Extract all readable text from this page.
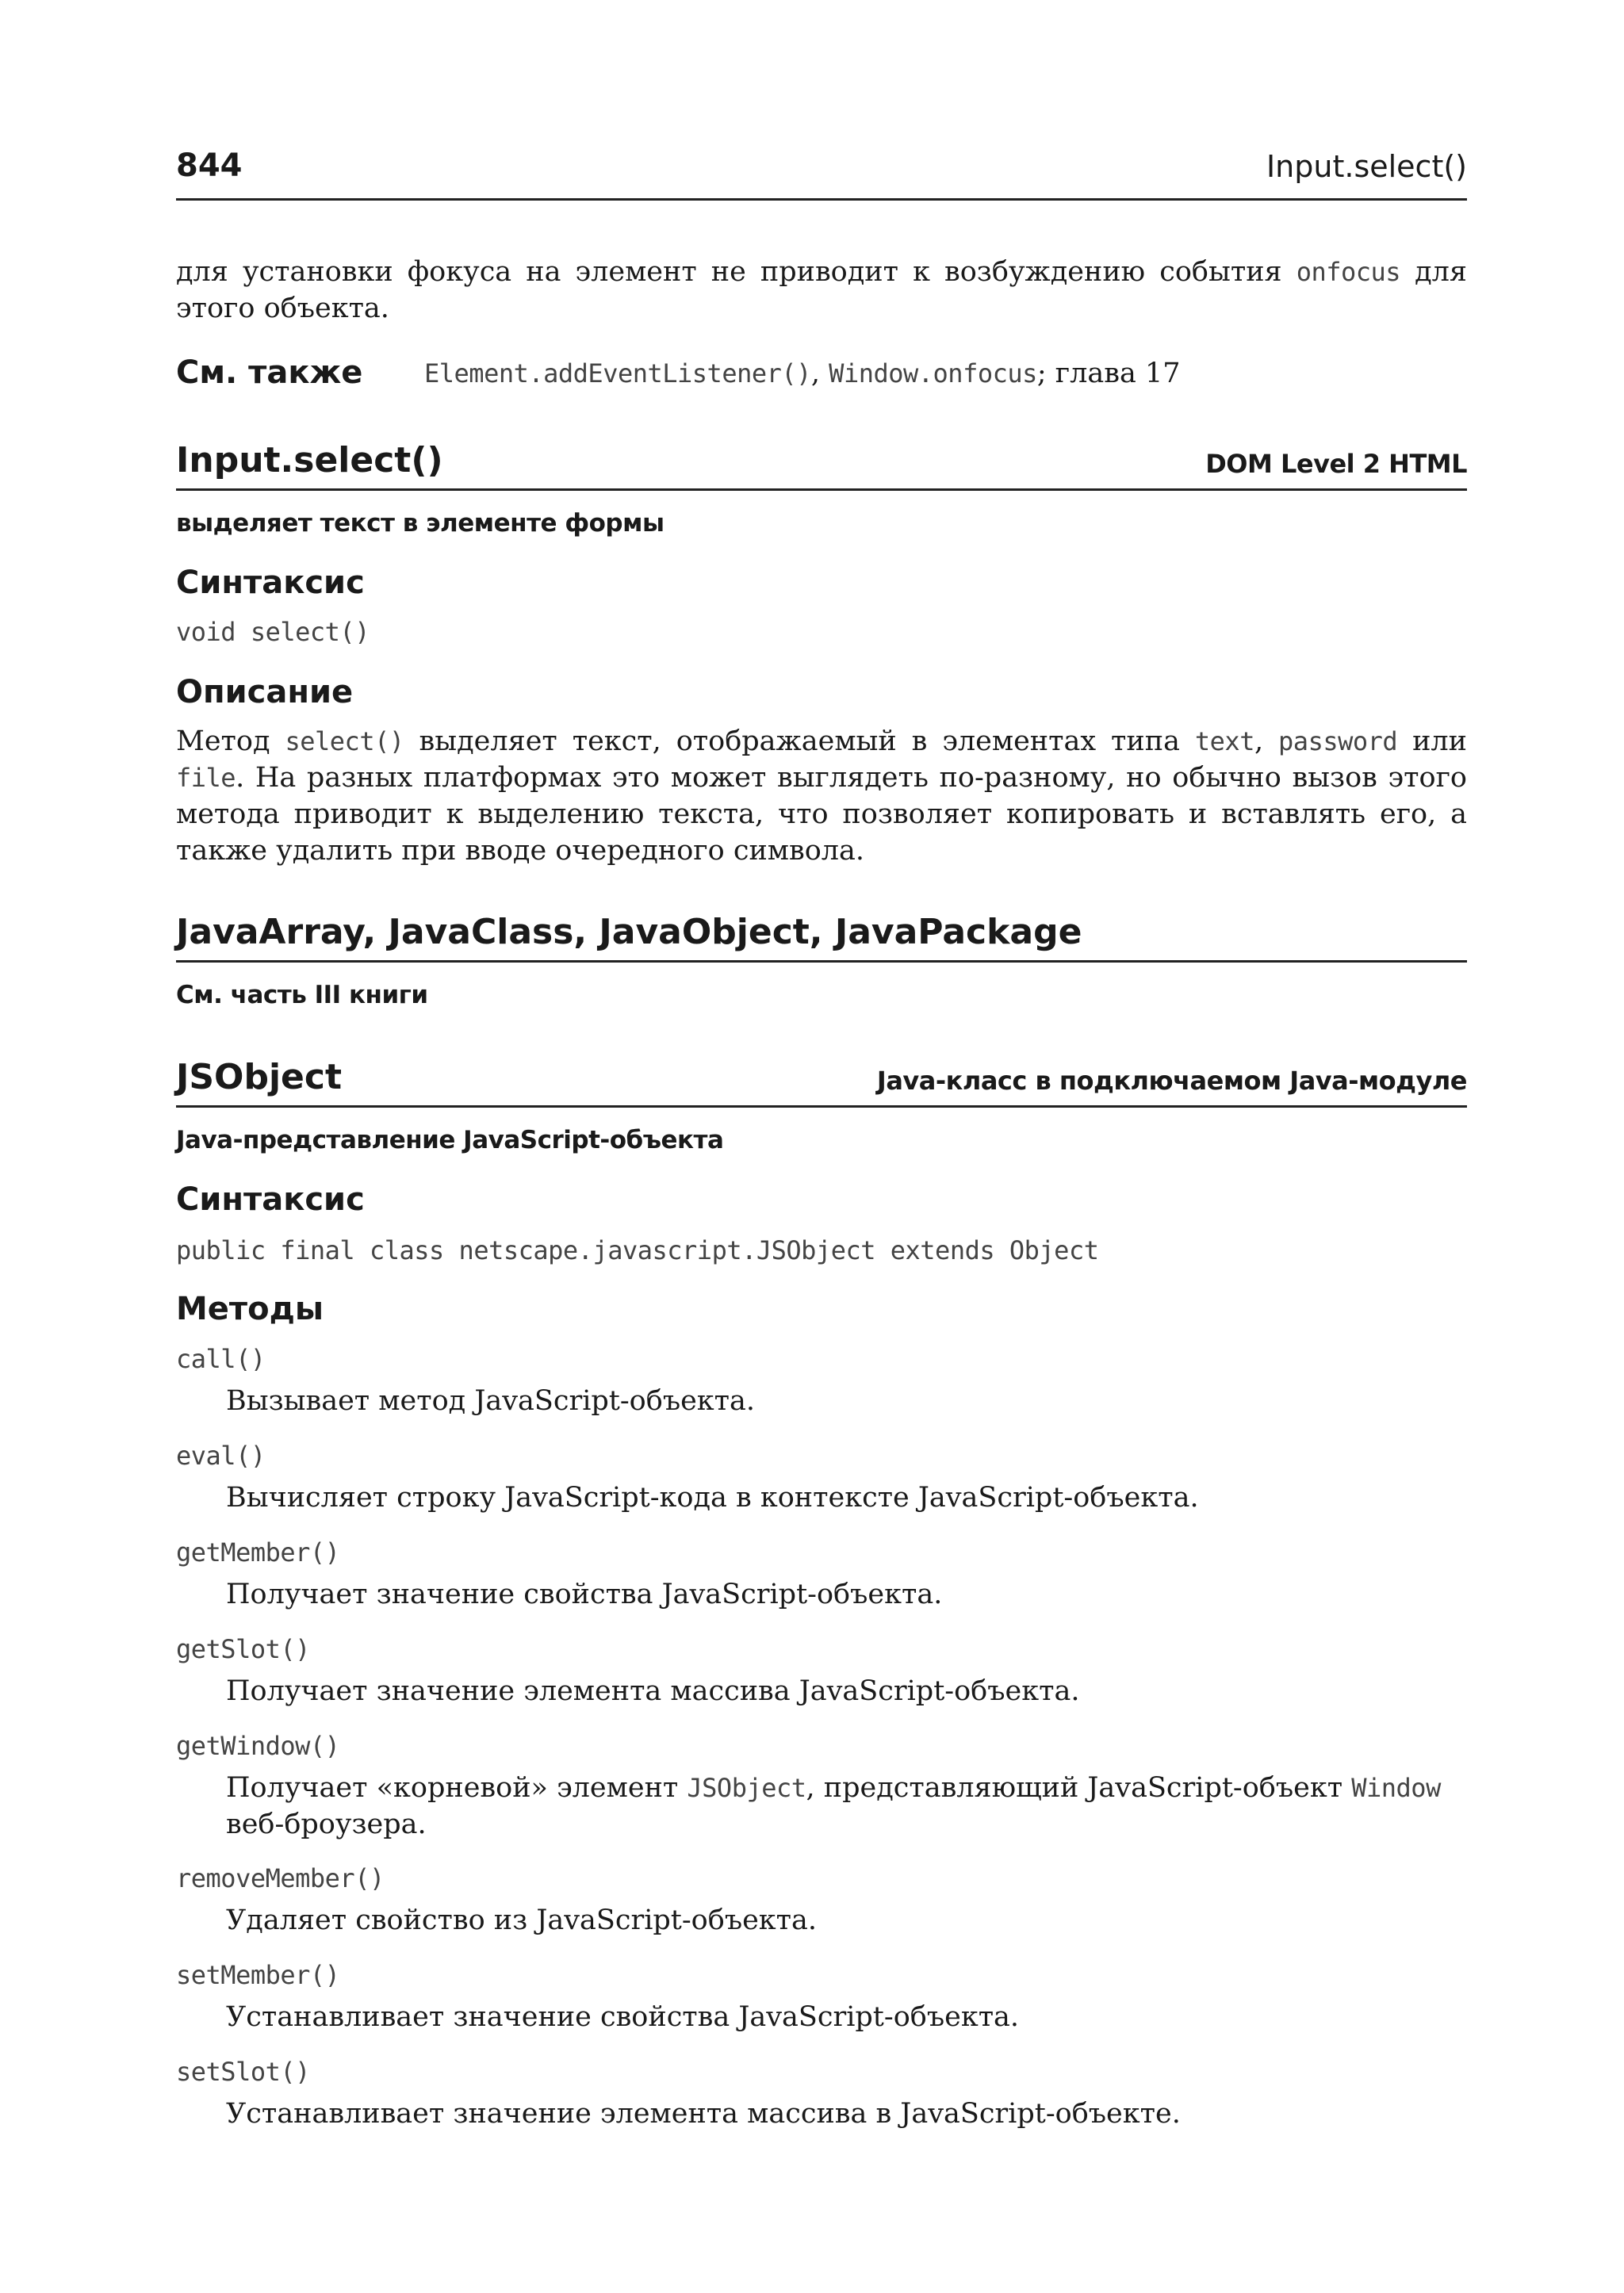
844	Input.select()

для установки фокуса на элемент не приводит к возбуждению события onfocus для этого объекта.

См. также Element.addEventListener(), Window.onfocus; глава 17
Input.select()	DOM Level 2 HTML
выделяет текст в элементе формы
Синтаксис
void select()
Описание

Метод select() выделяет текст, отображаемый в элементах типа text, password или file. На разных платформах это может выглядеть по-разному, но обычно вызов этого метода приводит к выделению текста, что позволяет копировать и вставлять его, а также удалить при вводе очередного символа.

JavaArray, JavaClass, JavaObject, JavaPackage
См. часть III книги
JSObject	Java-класс в подключаемом Java-модуле
Java-представление JavaScript-объекта
Синтаксис
public final class netscape.javascript.JSObject extends Object
Методы
call()
Вызывает метод JavaScript-объекта.
eval()
Вычисляет строку JavaScript-кода в контексте JavaScript-объекта.
getMember()
Получает значение свойства JavaScript-объекта.
getSlot()
Получает значение элемента массива JavaScript-объекта.
getWindow()
Получает «корневой» элемент JSObject, представляющий JavaScript-объект Window веб-броузера.
removeMember()
Удаляет свойство из JavaScript-объекта.
setMember()
Устанавливает значение свойства JavaScript-объекта.
setSlot()
Устанавливает значение элемента массива в JavaScript-объекте.
